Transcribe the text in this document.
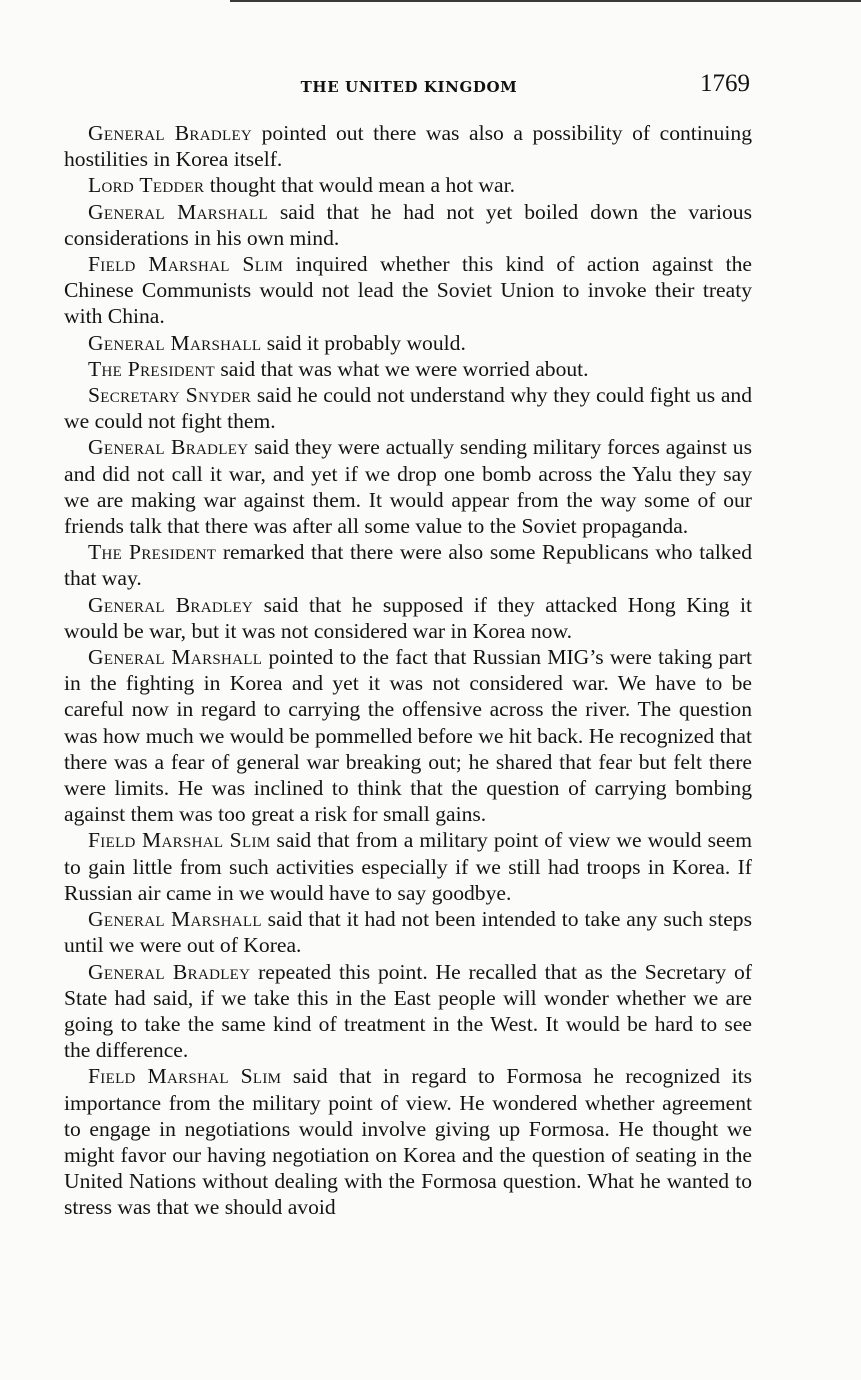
THE UNITED KINGDOM	1769

General Bradley pointed out there was also a possibility of continuing hostilities in Korea itself.

Lord Tedder thought that would mean a hot war.

General Marshall said that he had not yet boiled down the various considerations in his own mind.

Field Marshal Slim inquired whether this kind of action against the Chinese Communists would not lead the Soviet Union to invoke their treaty with China.

General Marshall said it probably would.

The President said that was what we were worried about.

Secretary Snyder said he could not understand why they could fight us and we could not fight them.

General Bradley said they were actually sending military forces against us and did not call it war, and yet if we drop one bomb across the Yalu they say we are making war against them. It would appear from the way some of our friends talk that there was after all some value to the Soviet propaganda.

The President remarked that there were also some Republicans who talked that way.

General Bradley said that he supposed if they attacked Hong King it would be war, but it was not considered war in Korea now.

General Marshall pointed to the fact that Russian MIG’s were taking part in the fighting in Korea and yet it was not considered war. We have to be careful now in regard to carrying the offensive across the river. The question was how much we would be pommelled before we hit back. He recognized that there was a fear of general war breaking out; he shared that fear but felt there were limits. He was inclined to think that the question of carrying bombing against them was too great a risk for small gains.

Field Marshal Slim said that from a military point of view we would seem to gain little from such activities especially if we still had troops in Korea. If Russian air came in we would have to say goodbye.

General Marshall said that it had not been intended to take any such steps until we were out of Korea.

General Bradley repeated this point. He recalled that as the Secretary of State had said, if we take this in the East people will wonder whether we are going to take the same kind of treatment in the West. It would be hard to see the difference.

Field Marshal Slim said that in regard to Formosa he recognized its importance from the military point of view. He wondered whether agreement to engage in negotiations would involve giving up Formosa. He thought we might favor our having negotiation on Korea and the question of seating in the United Nations without dealing with the Formosa question. What he wanted to stress was that we should avoid
